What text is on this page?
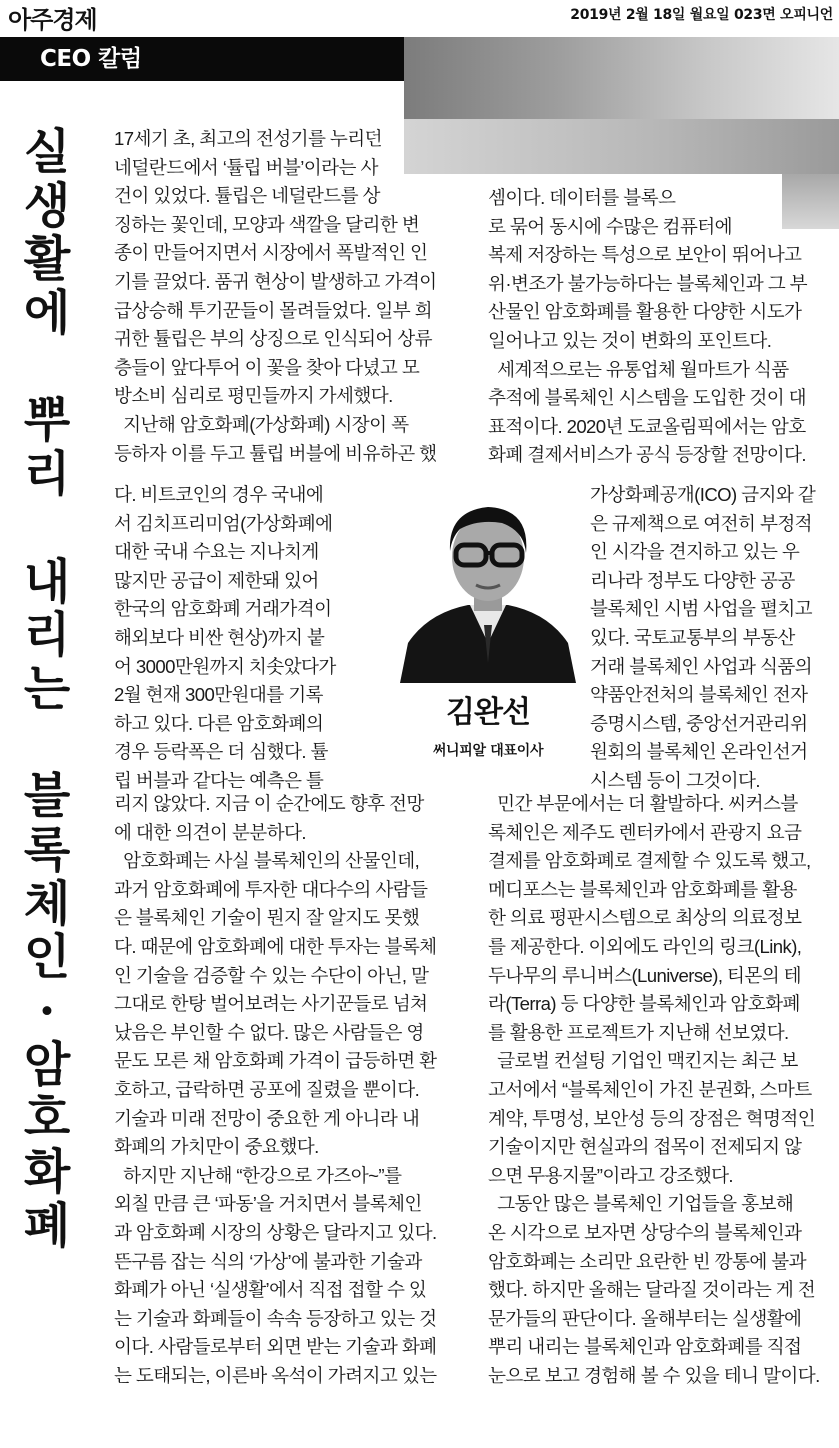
아주경제	2019년 2월 18일 월요일 023면 오피니언
CEO 칼럼
실
생
활
에
뿌
리
내
리
는
블
록
체
인
·
암
호
화
폐
17세기 초, 최고의 전성기를 누리던
네덜란드에서 ‘튤립 버블’이라는 사
건이 있었다. 튤립은 네덜란드를 상
징하는 꽃인데, 모양과 색깔을 달리한 변
종이 만들어지면서 시장에서 폭발적인 인
기를 끌었다. 품귀 현상이 발생하고 가격이
급상승해 투기꾼들이 몰려들었다. 일부 희
귀한 튤립은 부의 상징으로 인식되어 상류
층들이 앞다투어 이 꽃을 찾아 다녔고 모
방소비 심리로 평민들까지 가세했다.
지난해 암호화폐(가상화폐) 시장이 폭
등하자 이를 두고 튤립 버블에 비유하곤 했
다. 비트코인의 경우 국내에
서 김치프리미엄(가상화폐에
대한 국내 수요는 지나치게
많지만 공급이 제한돼 있어
한국의 암호화폐 거래가격이
해외보다 비싼 현상)까지 붙
어 3000만원까지 치솟았다가
2월 현재 300만원대를 기록
하고 있다. 다른 암호화폐의
경우 등락폭은 더 심했다. 튤
립 버블과 같다는 예측은 틀
리지 않았다. 지금 이 순간에도 향후 전망
에 대한 의견이 분분하다.
암호화폐는 사실 블록체인의 산물인데,
과거 암호화폐에 투자한 대다수의 사람들
은 블록체인 기술이 뭔지 잘 알지도 못했
다. 때문에 암호화폐에 대한 투자는 블록체
인 기술을 검증할 수 있는 수단이 아닌, 말
그대로 한탕 벌어보려는 사기꾼들로 넘쳐
났음은 부인할 수 없다. 많은 사람들은 영
문도 모른 채 암호화폐 가격이 급등하면 환
호하고, 급락하면 공포에 질렸을 뿐이다.
기술과 미래 전망이 중요한 게 아니라 내
화폐의 가치만이 중요했다.
하지만 지난해 “한강으로 가즈아~”를
외칠 만큼 큰 ‘파동’을 거치면서 블록체인
과 암호화폐 시장의 상황은 달라지고 있다.
뜬구름 잡는 식의 ‘가상’에 불과한 기술과
화폐가 아닌 ‘실생활’에서 직접 접할 수 있
는 기술과 화폐들이 속속 등장하고 있는 것
이다. 사람들로부터 외면 받는 기술과 화폐
는 도태되는, 이른바 옥석이 가려지고 있는
셈이다. 데이터를 블록으
로 묶어 동시에 수많은 컴퓨터에
복제 저장하는 특성으로 보안이 뛰어나고
위·변조가 불가능하다는 블록체인과 그 부
산물인 암호화폐를 활용한 다양한 시도가
일어나고 있는 것이 변화의 포인트다.
세계적으로는 유통업체 월마트가 식품
추적에 블록체인 시스템을 도입한 것이 대
표적이다. 2020년 도쿄올림픽에서는 암호
화폐 결제서비스가 공식 등장할 전망이다.
가상화폐공개(ICO) 금지와 같
은 규제책으로 여전히 부정적
인 시각을 견지하고 있는 우
리나라 정부도 다양한 공공
블록체인 시범 사업을 펼치고
있다. 국토교통부의 부동산
거래 블록체인 사업과 식품의
약품안전처의 블록체인 전자
증명시스템, 중앙선거관리위
원회의 블록체인 온라인선거
시스템 등이 그것이다.
민간 부문에서는 더 활발하다. 씨커스블
록체인은 제주도 렌터카에서 관광지 요금
결제를 암호화폐로 결제할 수 있도록 했고,
메디포스는 블록체인과 암호화폐를 활용
한 의료 평판시스템으로 최상의 의료정보
를 제공한다. 이외에도 라인의 링크(Link),
두나무의 루니버스(Luniverse), 티몬의 테
라(Terra) 등 다양한 블록체인과 암호화폐
를 활용한 프로젝트가 지난해 선보였다.
글로벌 컨설팅 기업인 맥킨지는 최근 보
고서에서 “블록체인이 가진 분권화, 스마트
계약, 투명성, 보안성 등의 장점은 혁명적인
기술이지만 현실과의 접목이 전제되지 않
으면 무용지물”이라고 강조했다.
그동안 많은 블록체인 기업들을 홍보해
온 시각으로 보자면 상당수의 블록체인과
암호화폐는 소리만 요란한 빈 깡통에 불과
했다. 하지만 올해는 달라질 것이라는 게 전
문가들의 판단이다. 올해부터는 실생활에
뿌리 내리는 블록체인과 암호화폐를 직접
눈으로 보고 경험해 볼 수 있을 테니 말이다.
김완선
써니피알 대표이사
